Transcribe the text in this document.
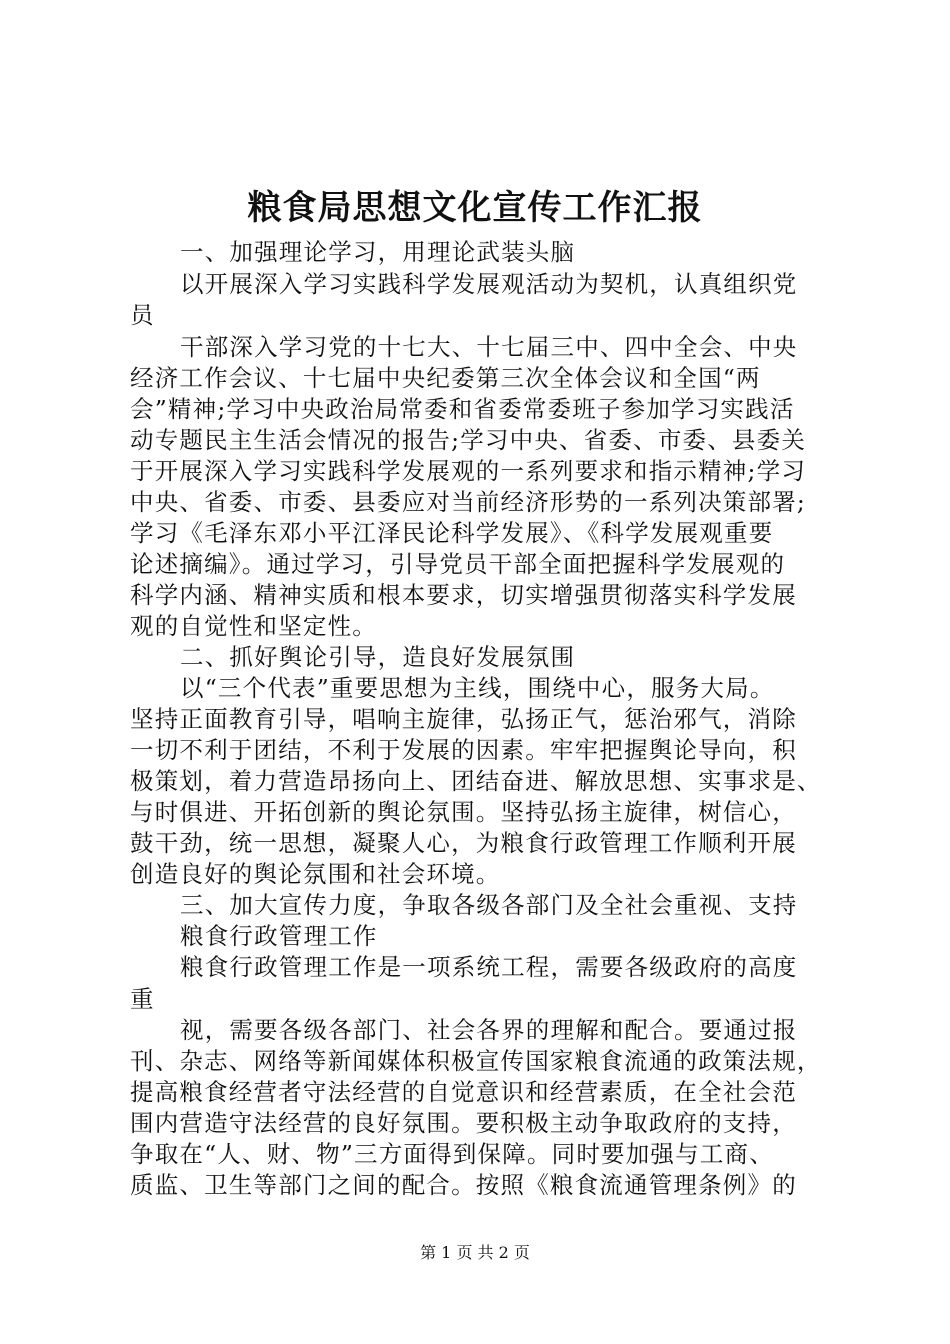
粮食局思想文化宣传工作汇报
一、加强理论学习，用理论武装头脑
以开展深入学习实践科学发展观活动为契机，认真组织党
员
干部深入学习党的十七大、十七届三中、四中全会、中央
经济工作会议、十七届中央纪委第三次全体会议和全国“两
会”精神;学习中央政治局常委和省委常委班子参加学习实践活
动专题民主生活会情况的报告;学习中央、省委、市委、县委关
于开展深入学习实践科学发展观的一系列要求和指示精神;学习
中央、省委、市委、县委应对当前经济形势的一系列决策部署;
学习《毛泽东邓小平江泽民论科学发展》、《科学发展观重要
论述摘编》。通过学习，引导党员干部全面把握科学发展观的
科学内涵、精神实质和根本要求，切实增强贯彻落实科学发展
观的自觉性和坚定性。
二、抓好舆论引导，造良好发展氛围
以“三个代表”重要思想为主线，围绕中心，服务大局。
坚持正面教育引导，唱响主旋律，弘扬正气，惩治邪气，消除
一切不利于团结，不利于发展的因素。牢牢把握舆论导向，积
极策划，着力营造昂扬向上、团结奋进、解放思想、实事求是、
与时俱进、开拓创新的舆论氛围。坚持弘扬主旋律，树信心，
鼓干劲，统一思想，凝聚人心，为粮食行政管理工作顺利开展
创造良好的舆论氛围和社会环境。
三、加大宣传力度，争取各级各部门及全社会重视、支持
粮食行政管理工作
粮食行政管理工作是一项系统工程，需要各级政府的高度
重
视，需要各级各部门、社会各界的理解和配合。要通过报
刊、杂志、网络等新闻媒体积极宣传国家粮食流通的政策法规，
提高粮食经营者守法经营的自觉意识和经营素质，在全社会范
围内营造守法经营的良好氛围。要积极主动争取政府的支持，
争取在“人、财、物”三方面得到保障。同时要加强与工商、
质监、卫生等部门之间的配合。按照《粮食流通管理条例》的
第 1 页 共 2 页
